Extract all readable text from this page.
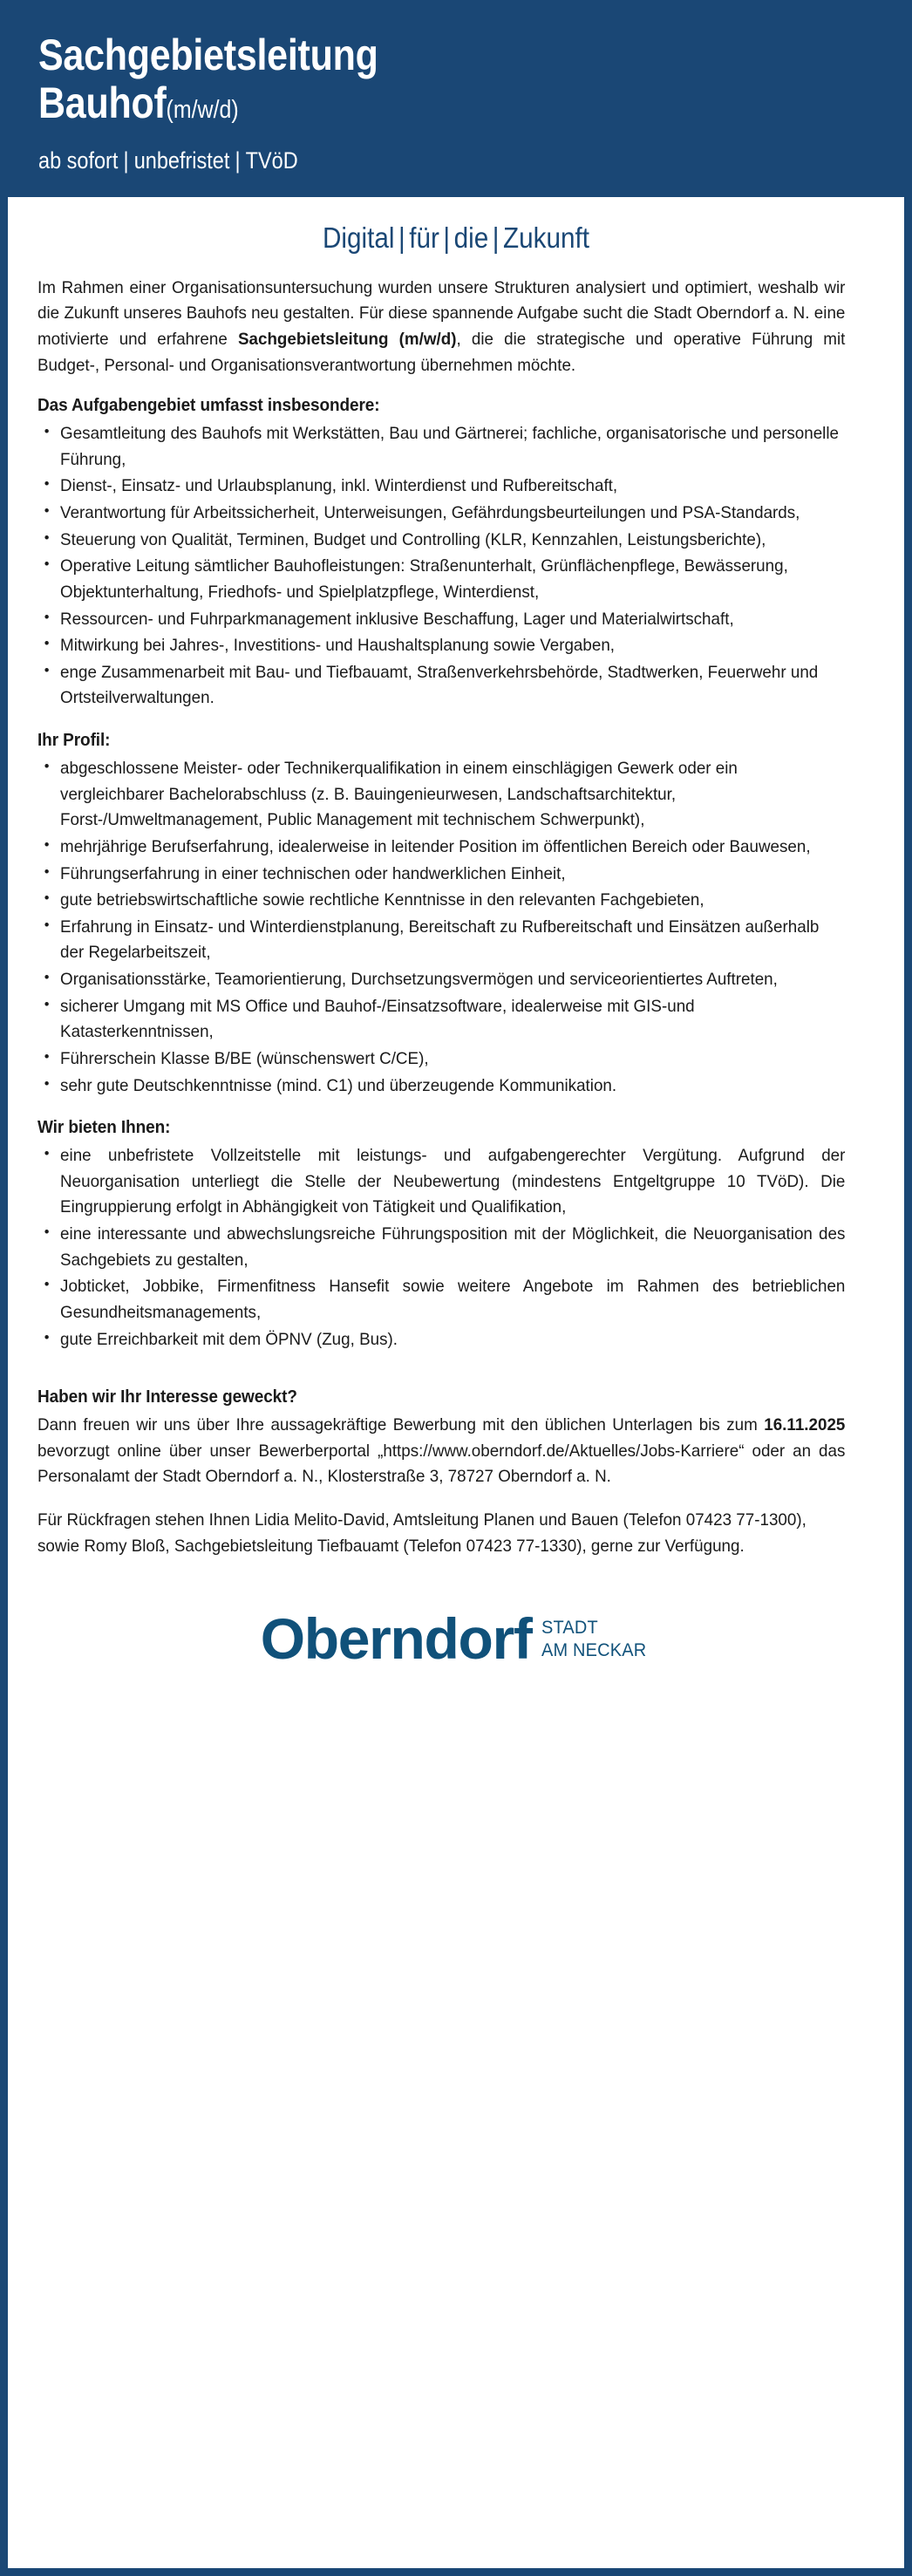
Sachgebietsleitung
Bauhof(m/w/d)
ab sofort | unbefristet | TVöD
Digital | für | die | Zukunft

Im Rahmen einer Organisationsuntersuchung wurden unsere Strukturen analysiert und optimiert, weshalb wir die Zukunft unseres Bauhofs neu gestalten. Für diese spannende Aufgabe sucht die Stadt Oberndorf a. N. eine motivierte und erfahrene Sachgebietsleitung (m/w/d), die die strategische und operative Führung mit Budget-, Personal- und Organisationsverantwortung übernehmen möchte.

Das Aufgabengebiet umfasst insbesondere:
• Gesamtleitung des Bauhofs mit Werkstätten, Bau und Gärtnerei; fachliche, organisatorische und personelle Führung,
• Dienst-, Einsatz- und Urlaubsplanung, inkl. Winterdienst und Rufbereitschaft,
• Verantwortung für Arbeitssicherheit, Unterweisungen, Gefährdungsbeurteilungen und PSA-Standards,
• Steuerung von Qualität, Terminen, Budget und Controlling (KLR, Kennzahlen, Leistungsberichte),
• Operative Leitung sämtlicher Bauhofleistungen: Straßenunterhalt, Grünflächenpflege, Bewässerung, Objektunterhaltung, Friedhofs- und Spielplatzpflege, Winterdienst,
• Ressourcen- und Fuhrparkmanagement inklusive Beschaffung, Lager und Materialwirtschaft,
• Mitwirkung bei Jahres-, Investitions- und Haushaltsplanung sowie Vergaben,
• enge Zusammenarbeit mit Bau- und Tiefbauamt, Straßenverkehrsbehörde, Stadtwerken, Feuerwehr und Ortsteilverwaltungen.
Ihr Profil:
• abgeschlossene Meister- oder Technikerqualifikation in einem einschlägigen Gewerk oder ein vergleichbarer Bachelorabschluss (z. B. Bauingenieurwesen, Landschaftsarchitektur, Forst-/Umweltmanagement, Public Management mit technischem Schwerpunkt),
• mehrjährige Berufserfahrung, idealerweise in leitender Position im öffentlichen Bereich oder Bauwesen,
• Führungserfahrung in einer technischen oder handwerklichen Einheit,
• gute betriebswirtschaftliche sowie rechtliche Kenntnisse in den relevanten Fachgebieten,
• Erfahrung in Einsatz- und Winterdienstplanung, Bereitschaft zu Rufbereitschaft und Einsätzen außerhalb der Regelarbeitszeit,
• Organisationsstärke, Teamorientierung, Durchsetzungsvermögen und serviceorientiertes Auftreten,
• sicherer Umgang mit MS Office und Bauhof-/Einsatzsoftware, idealerweise mit GIS-und Katasterkenntnissen,
• Führerschein Klasse B/BE (wünschenswert C/CE),
• sehr gute Deutschkenntnisse (mind. C1) und überzeugende Kommunikation.
Wir bieten Ihnen:
• eine unbefristete Vollzeitstelle mit leistungs- und aufgabengerechter Vergütung. Aufgrund der Neuorganisation unterliegt die Stelle der Neubewertung (mindestens Entgeltgruppe 10 TVöD). Die Eingruppierung erfolgt in Abhängigkeit von Tätigkeit und Qualifikation,
• eine interessante und abwechslungsreiche Führungsposition mit der Möglichkeit, die Neuorganisation des Sachgebiets zu gestalten,
• Jobticket, Jobbike, Firmenfitness Hansefit sowie weitere Angebote im Rahmen des betrieblichen Gesundheitsmanagements,
• gute Erreichbarkeit mit dem ÖPNV (Zug, Bus).
Haben wir Ihr Interesse geweckt?

Dann freuen wir uns über Ihre aussagekräftige Bewerbung mit den üblichen Unterlagen bis zum 16.11.2025 bevorzugt online über unser Bewerberportal „https://www.oberndorf.de/Aktuelles/Jobs-Karriere“ oder an das Personalamt der Stadt Oberndorf a. N., Klosterstraße 3, 78727 Oberndorf a. N.

Für Rückfragen stehen Ihnen Lidia Melito-David, Amtsleitung Planen und Bauen (Telefon 07423 77-1300), sowie Romy Bloß, Sachgebietsleitung Tiefbauamt (Telefon 07423 77-1330), gerne zur Verfügung.

Oberndorf STADT
AM NECKAR
